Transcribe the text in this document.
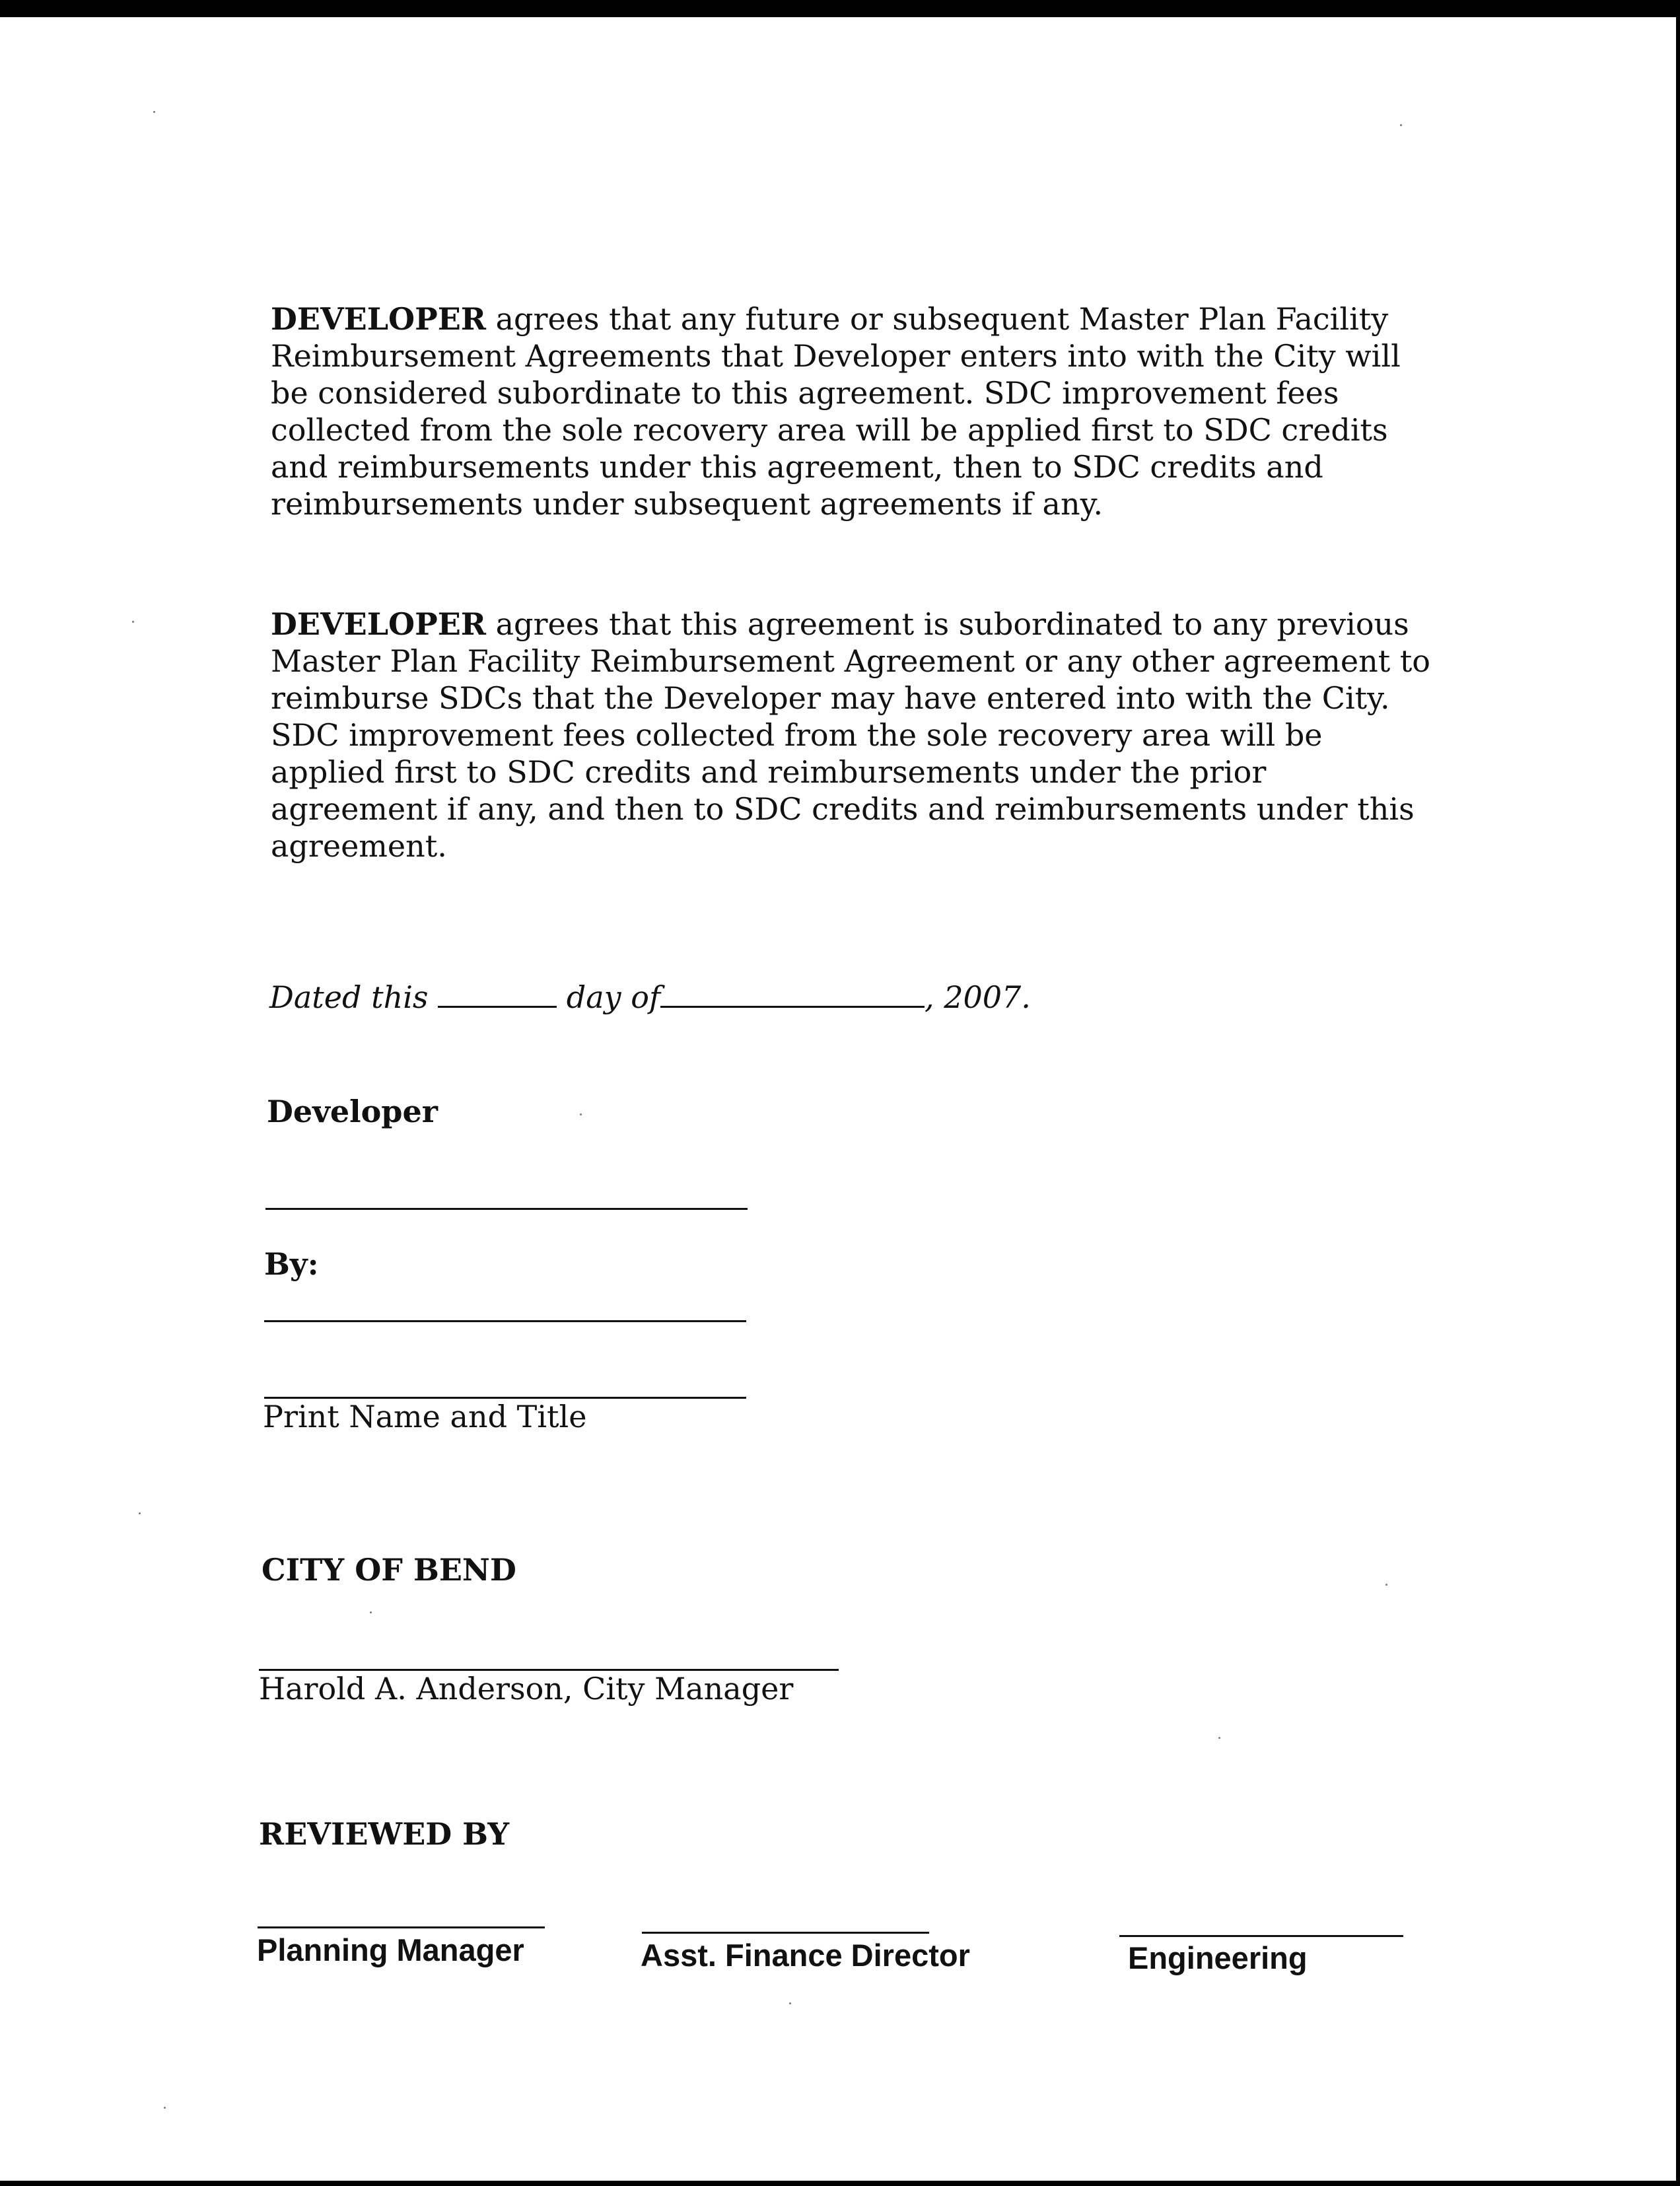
DEVELOPER agrees that any future or subsequent Master Plan Facility Reimbursement Agreements that Developer enters into with the City will be considered subordinate to this agreement. SDC improvement fees collected from the sole recovery area will be applied first to SDC credits and reimbursements under this agreement, then to SDC credits and reimbursements under subsequent agreements if any.

DEVELOPER agrees that this agreement is subordinated to any previous Master Plan Facility Reimbursement Agreement or any other agreement to reimburse SDCs that the Developer may have entered into with the City. SDC improvement fees collected from the sole recovery area will be applied first to SDC credits and reimbursements under the prior agreement if any, and then to SDC credits and reimbursements under this agreement.

Dated this	day of	, 2007.
Developer
By:
Print Name and Title
CITY OF BEND
Harold A. Anderson, City Manager
REVIEWED BY
Planning Manager	Asst. Finance Director	Engineering
